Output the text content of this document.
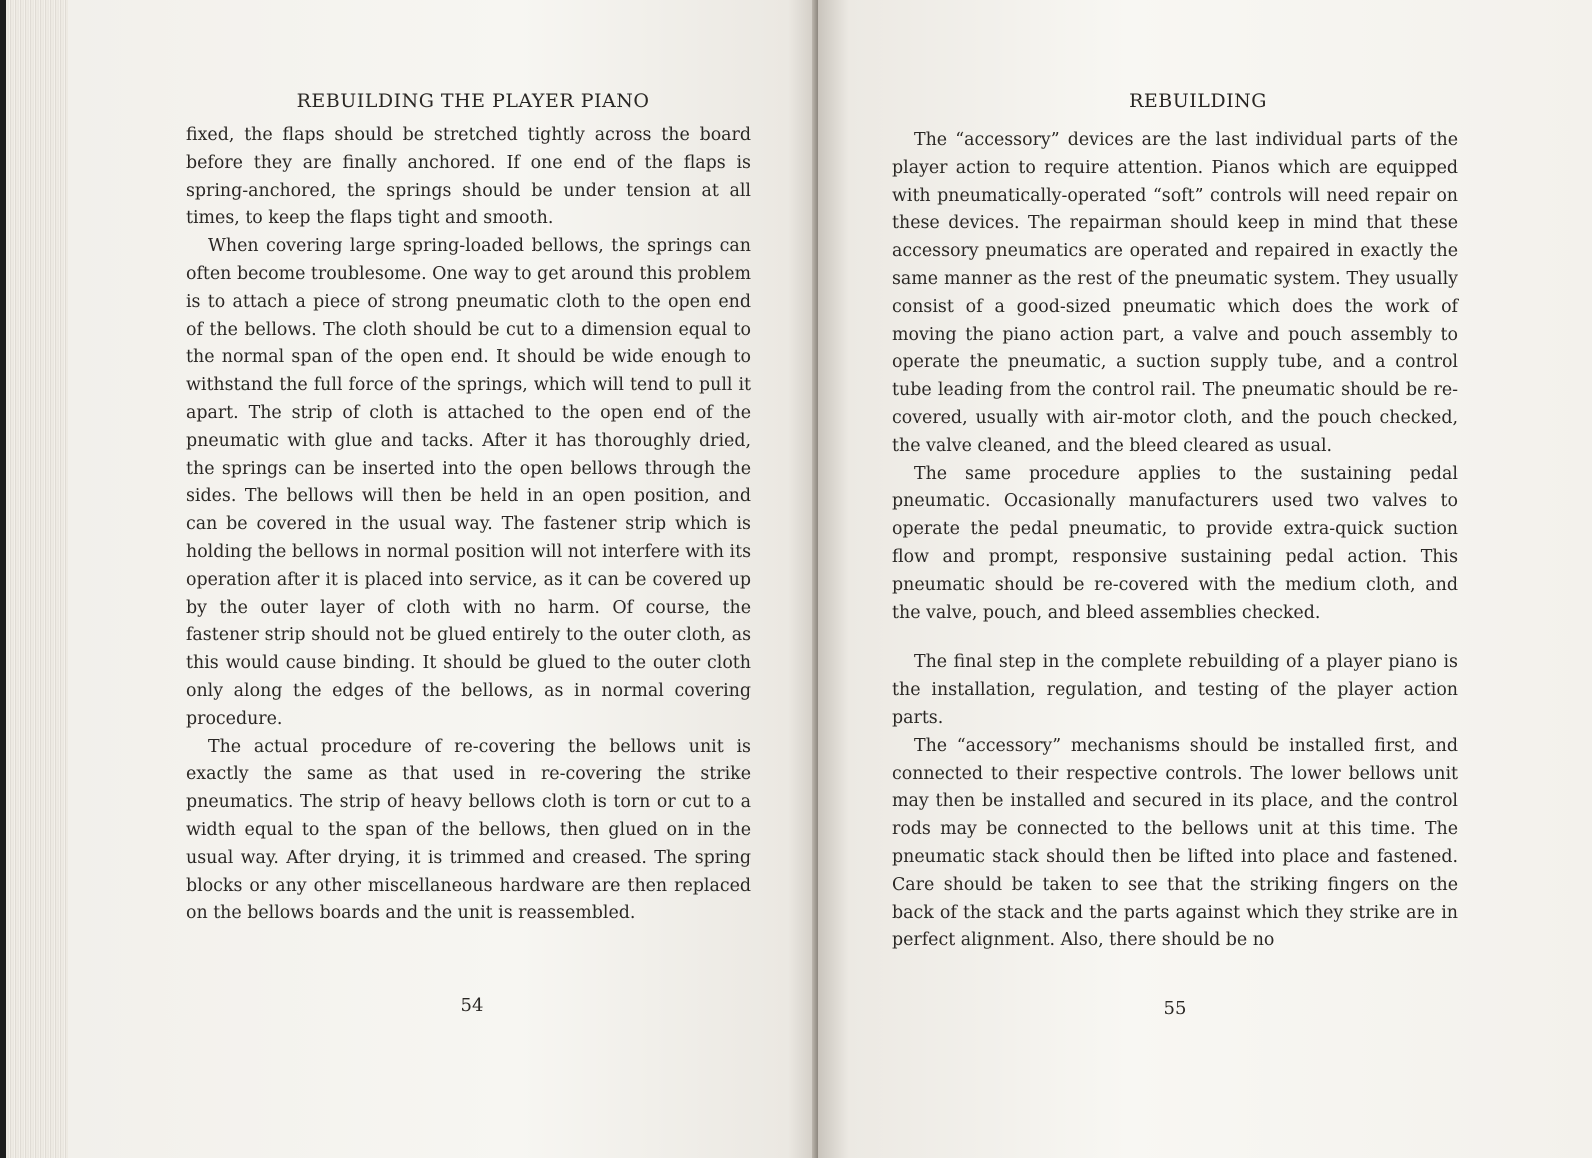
REBUILDING THE PLAYER PIANO

fixed, the flaps should be stretched tightly across the board before they are finally anchored. If one end of the flaps is spring-anchored, the springs should be under tension at all times, to keep the flaps tight and smooth.

When covering large spring-loaded bellows, the springs can often become troublesome. One way to get around this problem is to attach a piece of strong pneumatic cloth to the open end of the bellows. The cloth should be cut to a dimension equal to the normal span of the open end. It should be wide enough to withstand the full force of the springs, which will tend to pull it apart. The strip of cloth is attached to the open end of the pneumatic with glue and tacks. After it has thoroughly dried, the springs can be inserted into the open bellows through the sides. The bellows will then be held in an open position, and can be covered in the usual way. The fastener strip which is holding the bellows in normal position will not interfere with its operation after it is placed into service, as it can be covered up by the outer layer of cloth with no harm. Of course, the fastener strip should not be glued entirely to the outer cloth, as this would cause binding. It should be glued to the outer cloth only along the edges of the bellows, as in normal covering procedure.

The actual procedure of re-covering the bellows unit is exactly the same as that used in re-covering the strike pneumatics. The strip of heavy bellows cloth is torn or cut to a width equal to the span of the bellows, then glued on in the usual way. After drying, it is trimmed and creased. The spring blocks or any other miscellaneous hardware are then replaced on the bellows boards and the unit is reassembled.

54
REBUILDING

The “accessory” devices are the last individual parts of the player action to require attention. Pianos which are equipped with pneumatically-operated “soft” controls will need repair on these devices. The repairman should keep in mind that these accessory pneumatics are operated and repaired in exactly the same manner as the rest of the pneumatic system. They usually consist of a good-sized pneumatic which does the work of moving the piano action part, a valve and pouch assembly to operate the pneumatic, a suction supply tube, and a control tube leading from the control rail. The pneumatic should be re-covered, usually with air-motor cloth, and the pouch checked, the valve cleaned, and the bleed cleared as usual.

The same procedure applies to the sustaining pedal pneumatic. Occasionally manufacturers used two valves to operate the pedal pneumatic, to provide extra-quick suction flow and prompt, responsive sustaining pedal action. This pneumatic should be re-covered with the medium cloth, and the valve, pouch, and bleed assemblies checked.

The final step in the complete rebuilding of a player piano is the installation, regulation, and testing of the player action parts.

The “accessory” mechanisms should be installed first, and connected to their respective controls. The lower bellows unit may then be installed and secured in its place, and the control rods may be connected to the bellows unit at this time. The pneumatic stack should then be lifted into place and fastened. Care should be taken to see that the striking fingers on the back of the stack and the parts against which they strike are in perfect alignment. Also, there should be no

55
